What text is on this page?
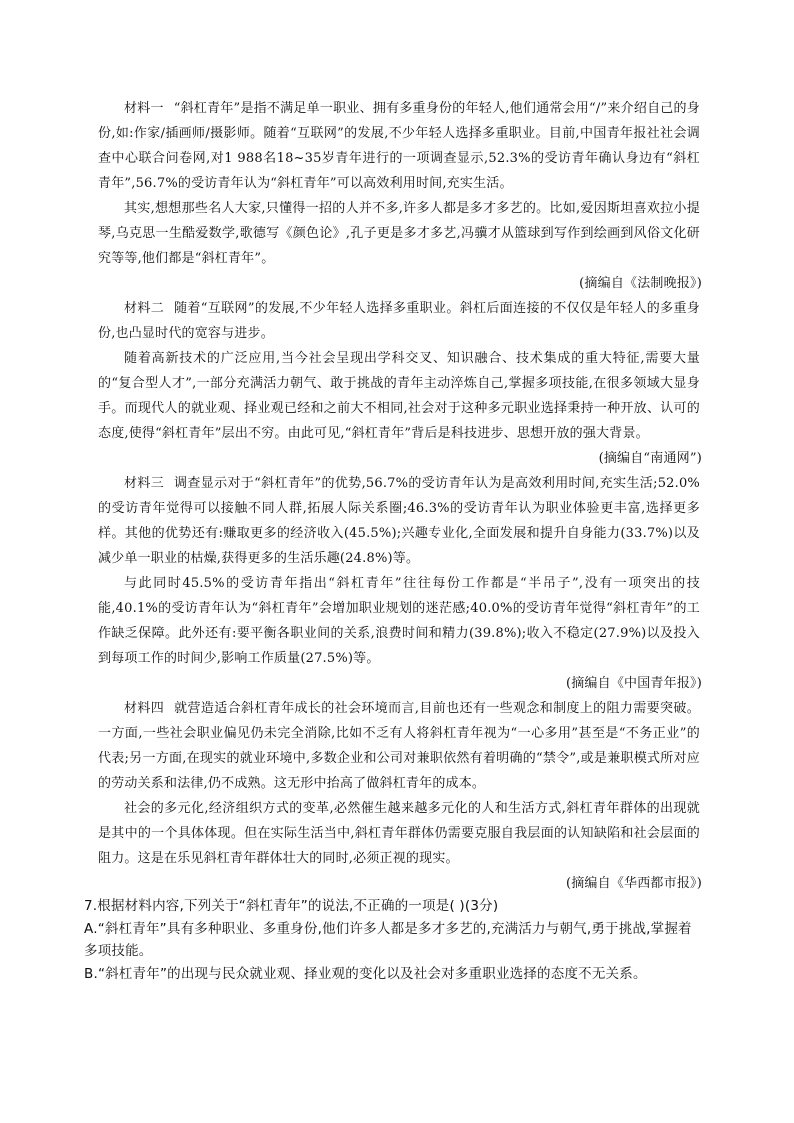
材料一 “斜杠青年”是指不满足单一职业、拥有多重身份的年轻人,他们通常会用“/”来介绍自己的身份,如:作家/插画师/摄影师。随着“互联网”的发展,不少年轻人选择多重职业。目前,中国青年报社社会调查中心联合问卷网,对1 988名18~35岁青年进行的一项调查显示,52.3%的受访青年确认身边有“斜杠青年”,56.7%的受访青年认为“斜杠青年”可以高效利用时间,充实生活。

其实,想想那些名人大家,只懂得一招的人并不多,许多人都是多才多艺的。比如,爱因斯坦喜欢拉小提琴,乌克思一生酷爱数学,歌德写《颜色论》,孔子更是多才多艺,冯骥才从篮球到写作到绘画到风俗文化研究等等,他们都是“斜杠青年”。

(摘编自《法制晚报》)

材料二 随着“互联网”的发展,不少年轻人选择多重职业。斜杠后面连接的不仅仅是年轻人的多重身份,也凸显时代的宽容与进步。

随着高新技术的广泛应用,当今社会呈现出学科交叉、知识融合、技术集成的重大特征,需要大量的“复合型人才”,一部分充满活力朝气、敢于挑战的青年主动淬炼自己,掌握多项技能,在很多领域大显身手。而现代人的就业观、择业观已经和之前大不相同,社会对于这种多元职业选择秉持一种开放、认可的态度,使得“斜杠青年”层出不穷。由此可见,“斜杠青年”背后是科技进步、思想开放的强大背景。

(摘编自“南通网”)

材料三 调查显示对于“斜杠青年”的优势,56.7%的受访青年认为是高效利用时间,充实生活;52.0%的受访青年觉得可以接触不同人群,拓展人际关系圈;46.3%的受访青年认为职业体验更丰富,选择更多样。其他的优势还有:赚取更多的经济收入(45.5%);兴趣专业化,全面发展和提升自身能力(33.7%)以及减少单一职业的枯燥,获得更多的生活乐趣(24.8%)等。

与此同时45.5%的受访青年指出“斜杠青年”往往每份工作都是“半吊子”,没有一项突出的技能,40.1%的受访青年认为“斜杠青年”会增加职业规划的迷茫感;40.0%的受访青年觉得“斜杠青年”的工作缺乏保障。此外还有:要平衡各职业间的关系,浪费时间和精力(39.8%);收入不稳定(27.9%)以及投入到每项工作的时间少,影响工作质量(27.5%)等。

(摘编自《中国青年报》)

材料四 就营造适合斜杠青年成长的社会环境而言,目前也还有一些观念和制度上的阻力需要突破。一方面,一些社会职业偏见仍未完全消除,比如不乏有人将斜杠青年视为“一心多用”甚至是“不务正业”的代表;另一方面,在现实的就业环境中,多数企业和公司对兼职依然有着明确的“禁令”,或是兼职模式所对应的劳动关系和法律,仍不成熟。这无形中抬高了做斜杠青年的成本。

社会的多元化,经济组织方式的变革,必然催生越来越多元化的人和生活方式,斜杠青年群体的出现就是其中的一个具体体现。但在实际生活当中,斜杠青年群体仍需要克服自我层面的认知缺陷和社会层面的阻力。这是在乐见斜杠青年群体壮大的同时,必须正视的现实。

(摘编自《华西都市报》)

7.根据材料内容,下列关于“斜杠青年”的说法,不正确的一项是( )(3分)

A.“斜杠青年”具有多种职业、多重身份,他们许多人都是多才多艺的,充满活力与朝气,勇于挑战,掌握着多项技能。

B.“斜杠青年”的出现与民众就业观、择业观的变化以及社会对多重职业选择的态度不无关系。
